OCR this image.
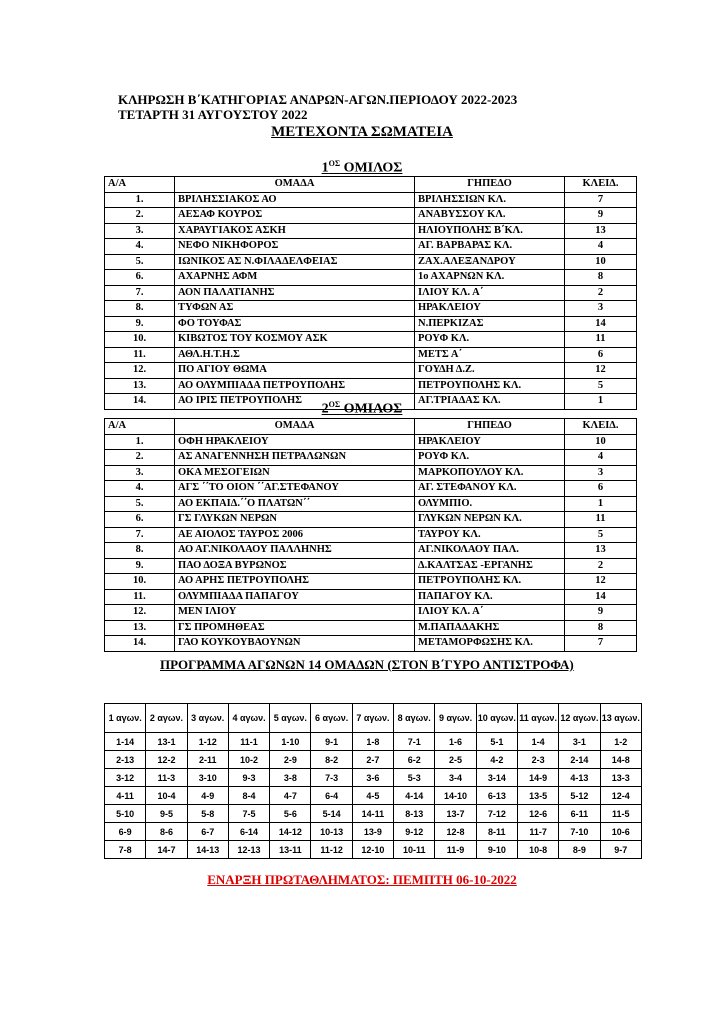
ΚΛΗΡΩΣΗ Β΄ΚΑΤΗΓΟΡΙΑΣ ΑΝΔΡΩΝ-ΑΓΩΝ.ΠΕΡΙΟΔΟΥ 2022-2023
ΤΕΤΑΡΤΗ 31 ΑΥΓΟΥΣΤΟΥ 2022
ΜΕΤΕΧΟΝΤΑ ΣΩΜΑΤΕΙΑ
$1^{O\Sigma}$ ΟΜΙΛΟΣ
Α/Α	ΟΜΑΔΑ	ΓΗΠΕΔΟ	ΚΛΕΙΔ.
1.	ΒΡΙΛΗΣΣΙΑΚΟΣ ΑΟ	ΒΡΙΛΗΣΣΙΩΝ ΚΛ.	7
2.	ΑΕΣΑΦ ΚΟΥΡΟΣ	ΑΝΑΒΥΣΣΟΥ ΚΛ.	9
3.	ΧΑΡΑΥΓΙΑΚΟΣ ΑΣΚΗ	ΗΛΙΟΥΠΟΛΗΣ Β΄ΚΛ.	13
4.	ΝΕΦΟ ΝΙΚΗΦΟΡΟΣ	ΑΓ. ΒΑΡΒΑΡΑΣ ΚΛ.	4
5.	ΙΩΝΙΚΟΣ ΑΣ Ν.ΦΙΛΑΔΕΛΦΕΙΑΣ	ΖΑΧ.ΑΛΕΞΑΝΔΡΟΥ	10
6.	ΑΧΑΡΝΗΣ ΑΦΜ	1ο ΑΧΑΡΝΩΝ ΚΛ.	8
7.	ΑΟΝ ΠΑΛΑΤΙΑΝΗΣ	ΙΛΙΟΥ ΚΛ. Α΄	2
8.	ΤΥΦΩΝ ΑΣ	ΗΡΑΚΛΕΙΟΥ	3
9.	ΦΟ ΤΟΥΦΑΣ	Ν.ΠΕΡΚΙΖΑΣ	14
10.	ΚΙΒΩΤΟΣ ΤΟΥ ΚΟΣΜΟΥ ΑΣΚ	ΡΟΥΦ ΚΛ.	11
11.	ΑΘΛ.Η.Τ.Η.Σ	ΜΕΤΣ Α΄	6
12.	ΠΟ ΑΓΙΟΥ ΘΩΜΑ	ΓΟΥΔΗ Δ.Ζ.	12
13.	ΑΟ ΟΛΥΜΠΙΑΔΑ ΠΕΤΡΟΥΠΟΛΗΣ	ΠΕΤΡΟΥΠΟΛΗΣ ΚΛ.	5
14.	ΑΟ ΙΡΙΣ ΠΕΤΡΟΥΠΟΛΗΣ	ΑΓ.ΤΡΙΑΔΑΣ ΚΛ.	1
$2^{O\Sigma}$ ΟΜΙΛΟΣ
Α/Α	ΟΜΑΔΑ	ΓΗΠΕΔΟ	ΚΛΕΙΔ.
1.	ΟΦΗ ΗΡΑΚΛΕΙΟΥ	ΗΡΑΚΛΕΙΟΥ	10
2.	ΑΣ ΑΝΑΓΕΝΝΗΣΗ ΠΕΤΡΑΛΩΝΩΝ	ΡΟΥΦ ΚΛ.	4
3.	ΟΚΑ ΜΕΣΟΓΕΙΩΝ	ΜΑΡΚΟΠΟΥΛΟΥ ΚΛ.	3
4.	ΑΓΣ ΄΄ΤΟ ΟΙΟΝ ΄΄ΑΓ.ΣΤΕΦΑΝΟΥ	ΑΓ. ΣΤΕΦΑΝΟΥ ΚΛ.	6
5.	ΑΟ ΕΚΠΑΙΔ.΄΄Ο ΠΛΑΤΩΝ΄΄	ΟΛΥΜΠΙΟ.	1
6.	ΓΣ ΓΛΥΚΩΝ ΝΕΡΩΝ	ΓΛΥΚΩΝ ΝΕΡΩΝ ΚΛ.	11
7.	ΑΕ ΑΙΟΛΟΣ ΤΑΥΡΟΣ 2006	ΤΑΥΡΟΥ ΚΛ.	5
8.	ΑΟ ΑΓ.ΝΙΚΟΛΑΟΥ ΠΑΛΛΗΝΗΣ	ΑΓ.ΝΙΚΟΛΑΟΥ ΠΑΛ.	13
9.	ΠΑΟ ΔΟΞΑ ΒΥΡΩΝΟΣ	Δ.ΚΑΛΤΣΑΣ -ΕΡΓΑΝΗΣ	2
10.	ΑΟ ΑΡΗΣ ΠΕΤΡΟΥΠΟΛΗΣ	ΠΕΤΡΟΥΠΟΛΗΣ ΚΛ.	12
11.	ΟΛΥΜΠΙΑΔΑ ΠΑΠΑΓΟΥ	ΠΑΠΑΓΟΥ ΚΛ.	14
12.	ΜΕΝ ΙΛΙΟΥ	ΙΛΙΟΥ ΚΛ. Α΄	9
13.	ΓΣ ΠΡΟΜΗΘΕΑΣ	Μ.ΠΑΠΑΔΑΚΗΣ	8
14.	ΓΑΟ ΚΟΥΚΟΥΒΑΟΥΝΩΝ	ΜΕΤΑΜΟΡΦΩΣΗΣ ΚΛ.	7
ΠΡΟΓΡΑΜΜΑ ΑΓΩΝΩΝ 14 ΟΜΑΔΩΝ (ΣΤΟΝ Β΄ΓΥΡΟ ΑΝΤΙΣΤΡΟΦΑ)
1 αγων.	2 αγων.	3 αγων.	4 αγων.	5 αγων.	6 αγων.	7 αγων.	8 αγων.	9 αγων.	10 αγων.	11 αγων.	12 αγων.	13 αγων.
1-14	13-1	1-12	11-1	1-10	9-1	1-8	7-1	1-6	5-1	1-4	3-1	1-2
2-13	12-2	2-11	10-2	2-9	8-2	2-7	6-2	2-5	4-2	2-3	2-14	14-8
3-12	11-3	3-10	9-3	3-8	7-3	3-6	5-3	3-4	3-14	14-9	4-13	13-3
4-11	10-4	4-9	8-4	4-7	6-4	4-5	4-14	14-10	6-13	13-5	5-12	12-4
5-10	9-5	5-8	7-5	5-6	5-14	14-11	8-13	13-7	7-12	12-6	6-11	11-5
6-9	8-6	6-7	6-14	14-12	10-13	13-9	9-12	12-8	8-11	11-7	7-10	10-6
7-8	14-7	14-13	12-13	13-11	11-12	12-10	10-11	11-9	9-10	10-8	8-9	9-7
ΕΝΑΡΞΗ ΠΡΩΤΑΘΛΗΜΑΤΟΣ: ΠΕΜΠΤΗ 06-10-2022
